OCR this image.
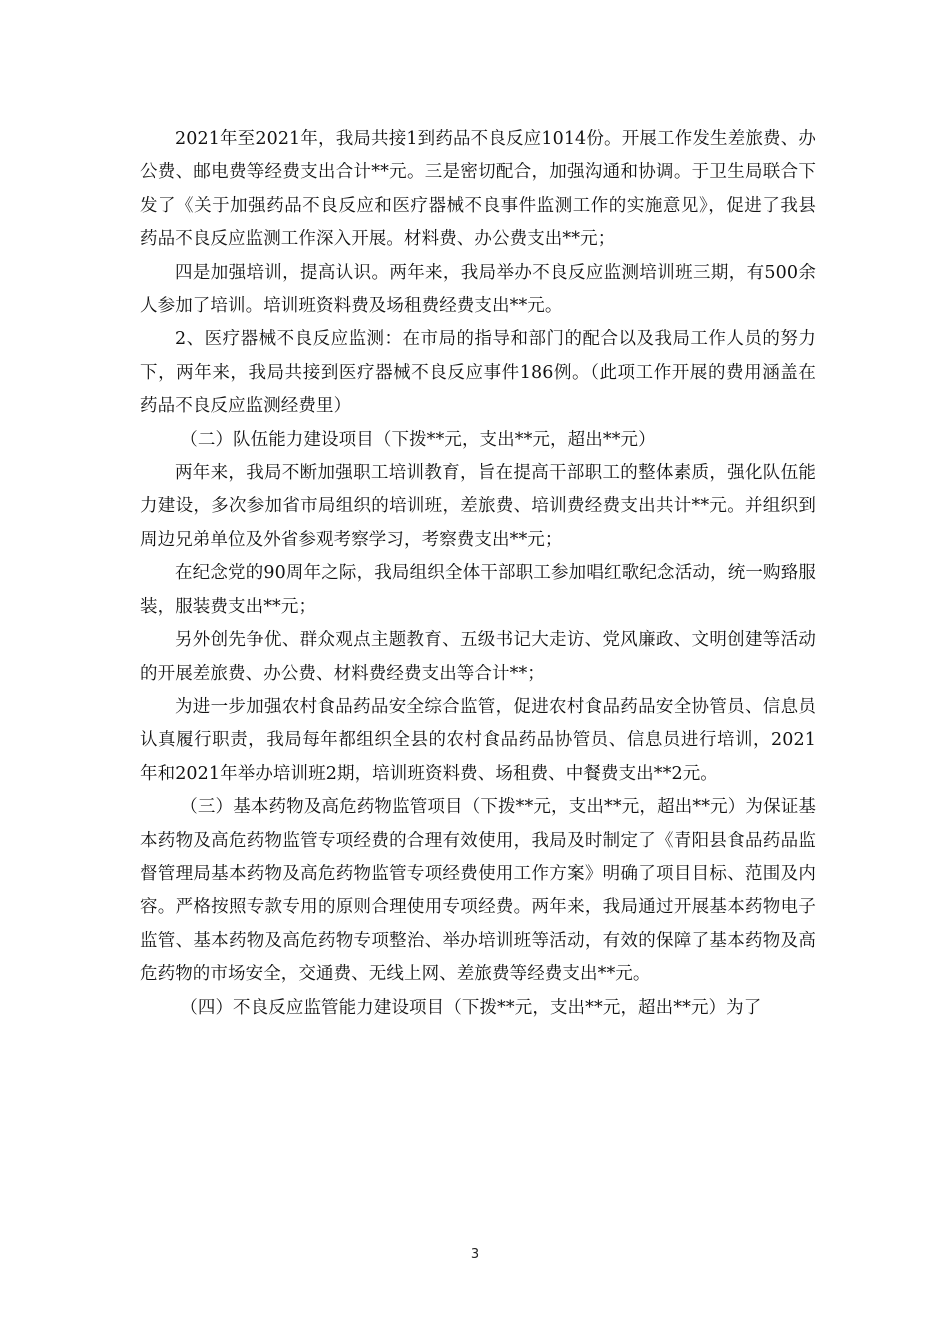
2021年至2021年，我局共接1到药品不良反应1014份。开展工作发生差旅费、办公费、邮电费等经费支出合计**元。三是密切配合，加强沟通和协调。于卫生局联合下发了《关于加强药品不良反应和医疗器械不良事件监测工作的实施意见》，促进了我县药品不良反应监测工作深入开展。材料费、办公费支出**元；

四是加强培训，提高认识。两年来，我局举办不良反应监测培训班三期，有500余人参加了培训。培训班资料费及场租费经费支出**元。

2、医疗器械不良反应监测：在市局的指导和部门的配合以及我局工作人员的努力下，两年来，我局共接到医疗器械不良反应事件186例。（此项工作开展的费用涵盖在药品不良反应监测经费里）

（二）队伍能力建设项目（下拨**元，支出**元，超出**元）

两年来，我局不断加强职工培训教育，旨在提高干部职工的整体素质，强化队伍能力建设，多次参加省市局组织的培训班，差旅费、培训费经费支出共计**元。并组织到周边兄弟单位及外省参观考察学习，考察费支出**元；

在纪念党的90周年之际，我局组织全体干部职工参加唱红歌纪念活动，统一购臵服装，服装费支出**元；

另外创先争优、群众观点主题教育、五级书记大走访、党风廉政、文明创建等活动的开展差旅费、办公费、材料费经费支出等合计**；

为进一步加强农村食品药品安全综合监管，促进农村食品药品安全协管员、信息员认真履行职责，我局每年都组织全县的农村食品药品协管员、信息员进行培训，2021年和2021年举办培训班2期，培训班资料费、场租费、中餐费支出**2元。

（三）基本药物及高危药物监管项目（下拨**元，支出**元，超出**元）为保证基本药物及高危药物监管专项经费的合理有效使用，我局及时制定了《青阳县食品药品监督管理局基本药物及高危药物监管专项经费使用工作方案》明确了项目目标、范围及内容。严格按照专款专用的原则合理使用专项经费。两年来，我局通过开展基本药物电子监管、基本药物及高危药物专项整治、举办培训班等活动，有效的保障了基本药物及高危药物的市场安全，交通费、无线上网、差旅费等经费支出**元。

（四）不良反应监管能力建设项目（下拨**元，支出**元，超出**元）为了

3
